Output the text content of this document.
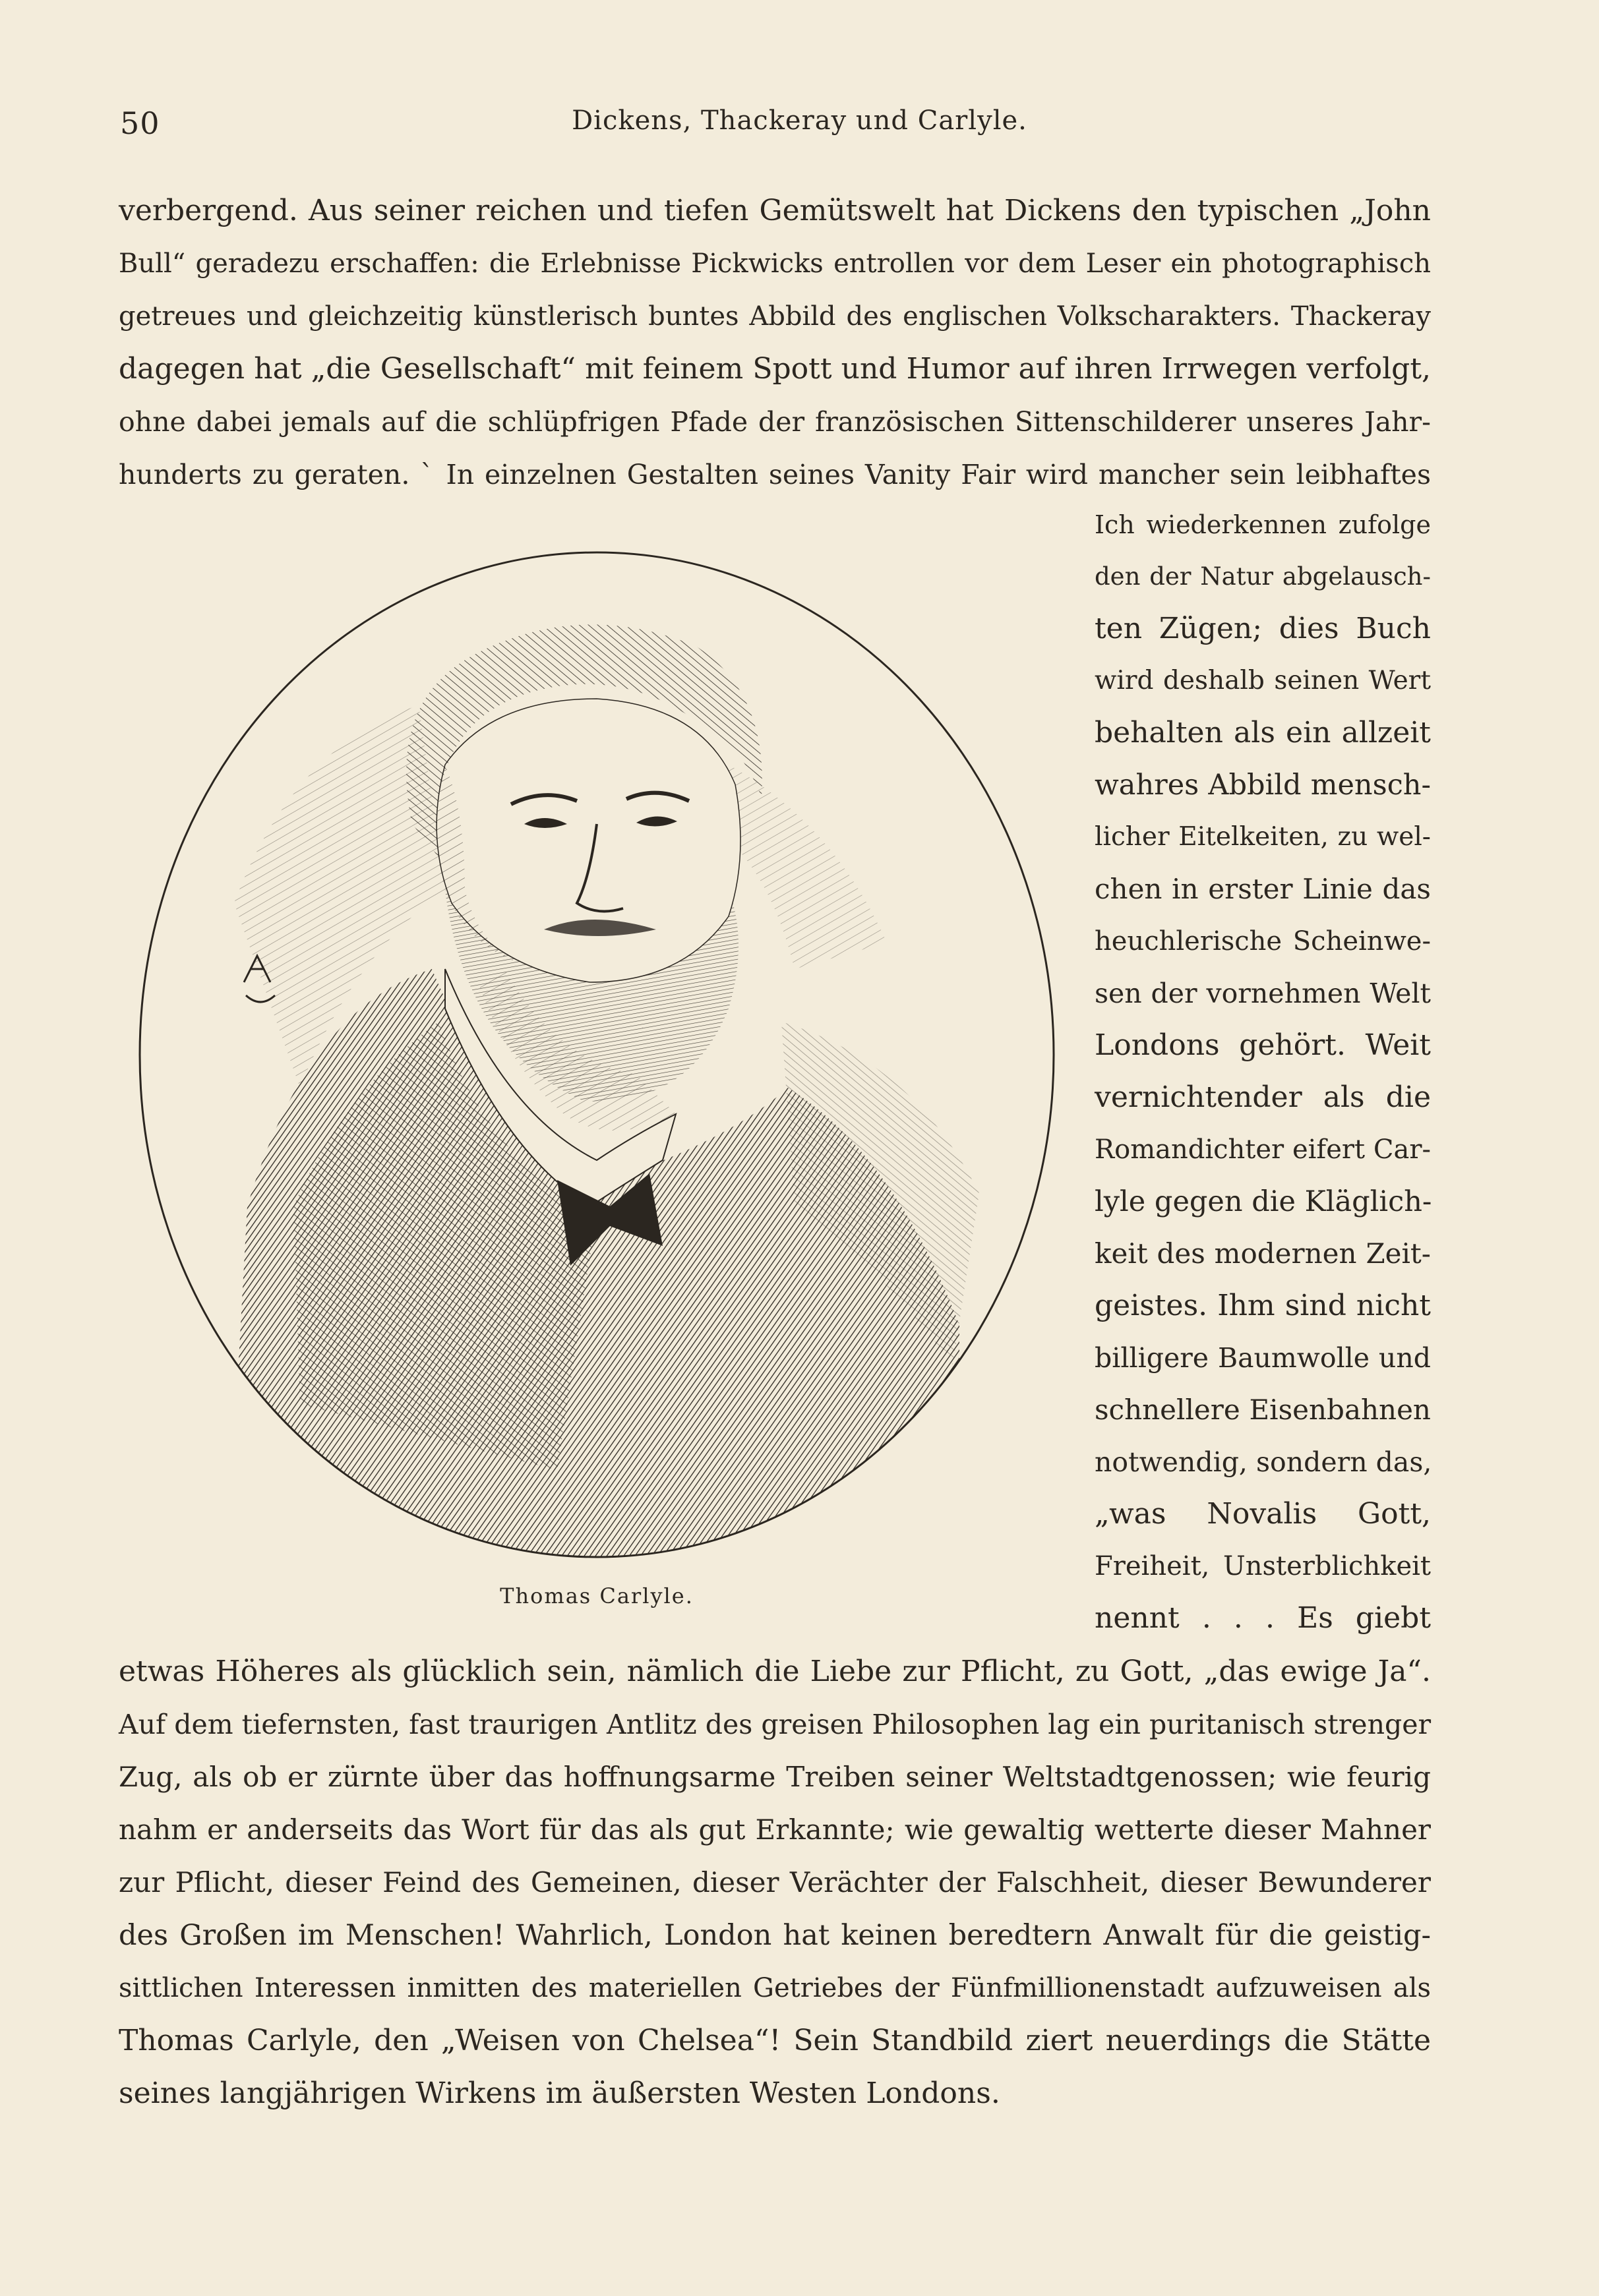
50	Dickens, Thackeray und Carlyle.

verbergend. Aus seiner reichen und tiefen Gemütswelt hat Dickens den typischen „John

Bull“ geradezu erschaffen: die Erlebnisse Pickwicks entrollen vor dem Leser ein photographisch

getreues und gleichzeitig künstlerisch buntes Abbild des englischen Volkscharakters. Thackeray

dagegen hat „die Gesellschaft“ mit feinem Spott und Humor auf ihren Irrwegen verfolgt,

ohne dabei jemals auf die schlüpfrigen Pfade der französischen Sittenschilderer unseres Jahr-

hunderts zu geraten. ˋ In einzelnen Gestalten seines Vanity Fair wird mancher sein leibhaftes

Ich wiederkennen zufolge

den der Natur abgelausch-

ten Zügen; dies Buch

wird deshalb seinen Wert

behalten als ein allzeit

wahres Abbild mensch-

licher Eitelkeiten, zu wel-

chen in erster Linie das

heuchlerische Scheinwe-

sen der vornehmen Welt

Londons gehört. Weit

vernichtender als die

Romandichter eifert Car-

lyle gegen die Kläglich-

keit des modernen Zeit-

geistes. Ihm sind nicht

billigere Baumwolle und

schnellere Eisenbahnen

notwendig, sondern das,

„was Novalis Gott,

Freiheit, Unsterblichkeit

nennt . . . Es giebt

Thomas Carlyle.

etwas Höheres als glücklich sein, nämlich die Liebe zur Pflicht, zu Gott, „das ewige Ja“.

Auf dem tiefernsten, fast traurigen Antlitz des greisen Philosophen lag ein puritanisch strenger

Zug, als ob er zürnte über das hoffnungsarme Treiben seiner Weltstadtgenossen; wie feurig

nahm er anderseits das Wort für das als gut Erkannte; wie gewaltig wetterte dieser Mahner

zur Pflicht, dieser Feind des Gemeinen, dieser Verächter der Falschheit, dieser Bewunderer

des Großen im Menschen! Wahrlich, London hat keinen beredtern Anwalt für die geistig-

sittlichen Interessen inmitten des materiellen Getriebes der Fünfmillionenstadt aufzuweisen als

Thomas Carlyle, den „Weisen von Chelsea“! Sein Standbild ziert neuerdings die Stätte

seines langjährigen Wirkens im äußersten Westen Londons.
